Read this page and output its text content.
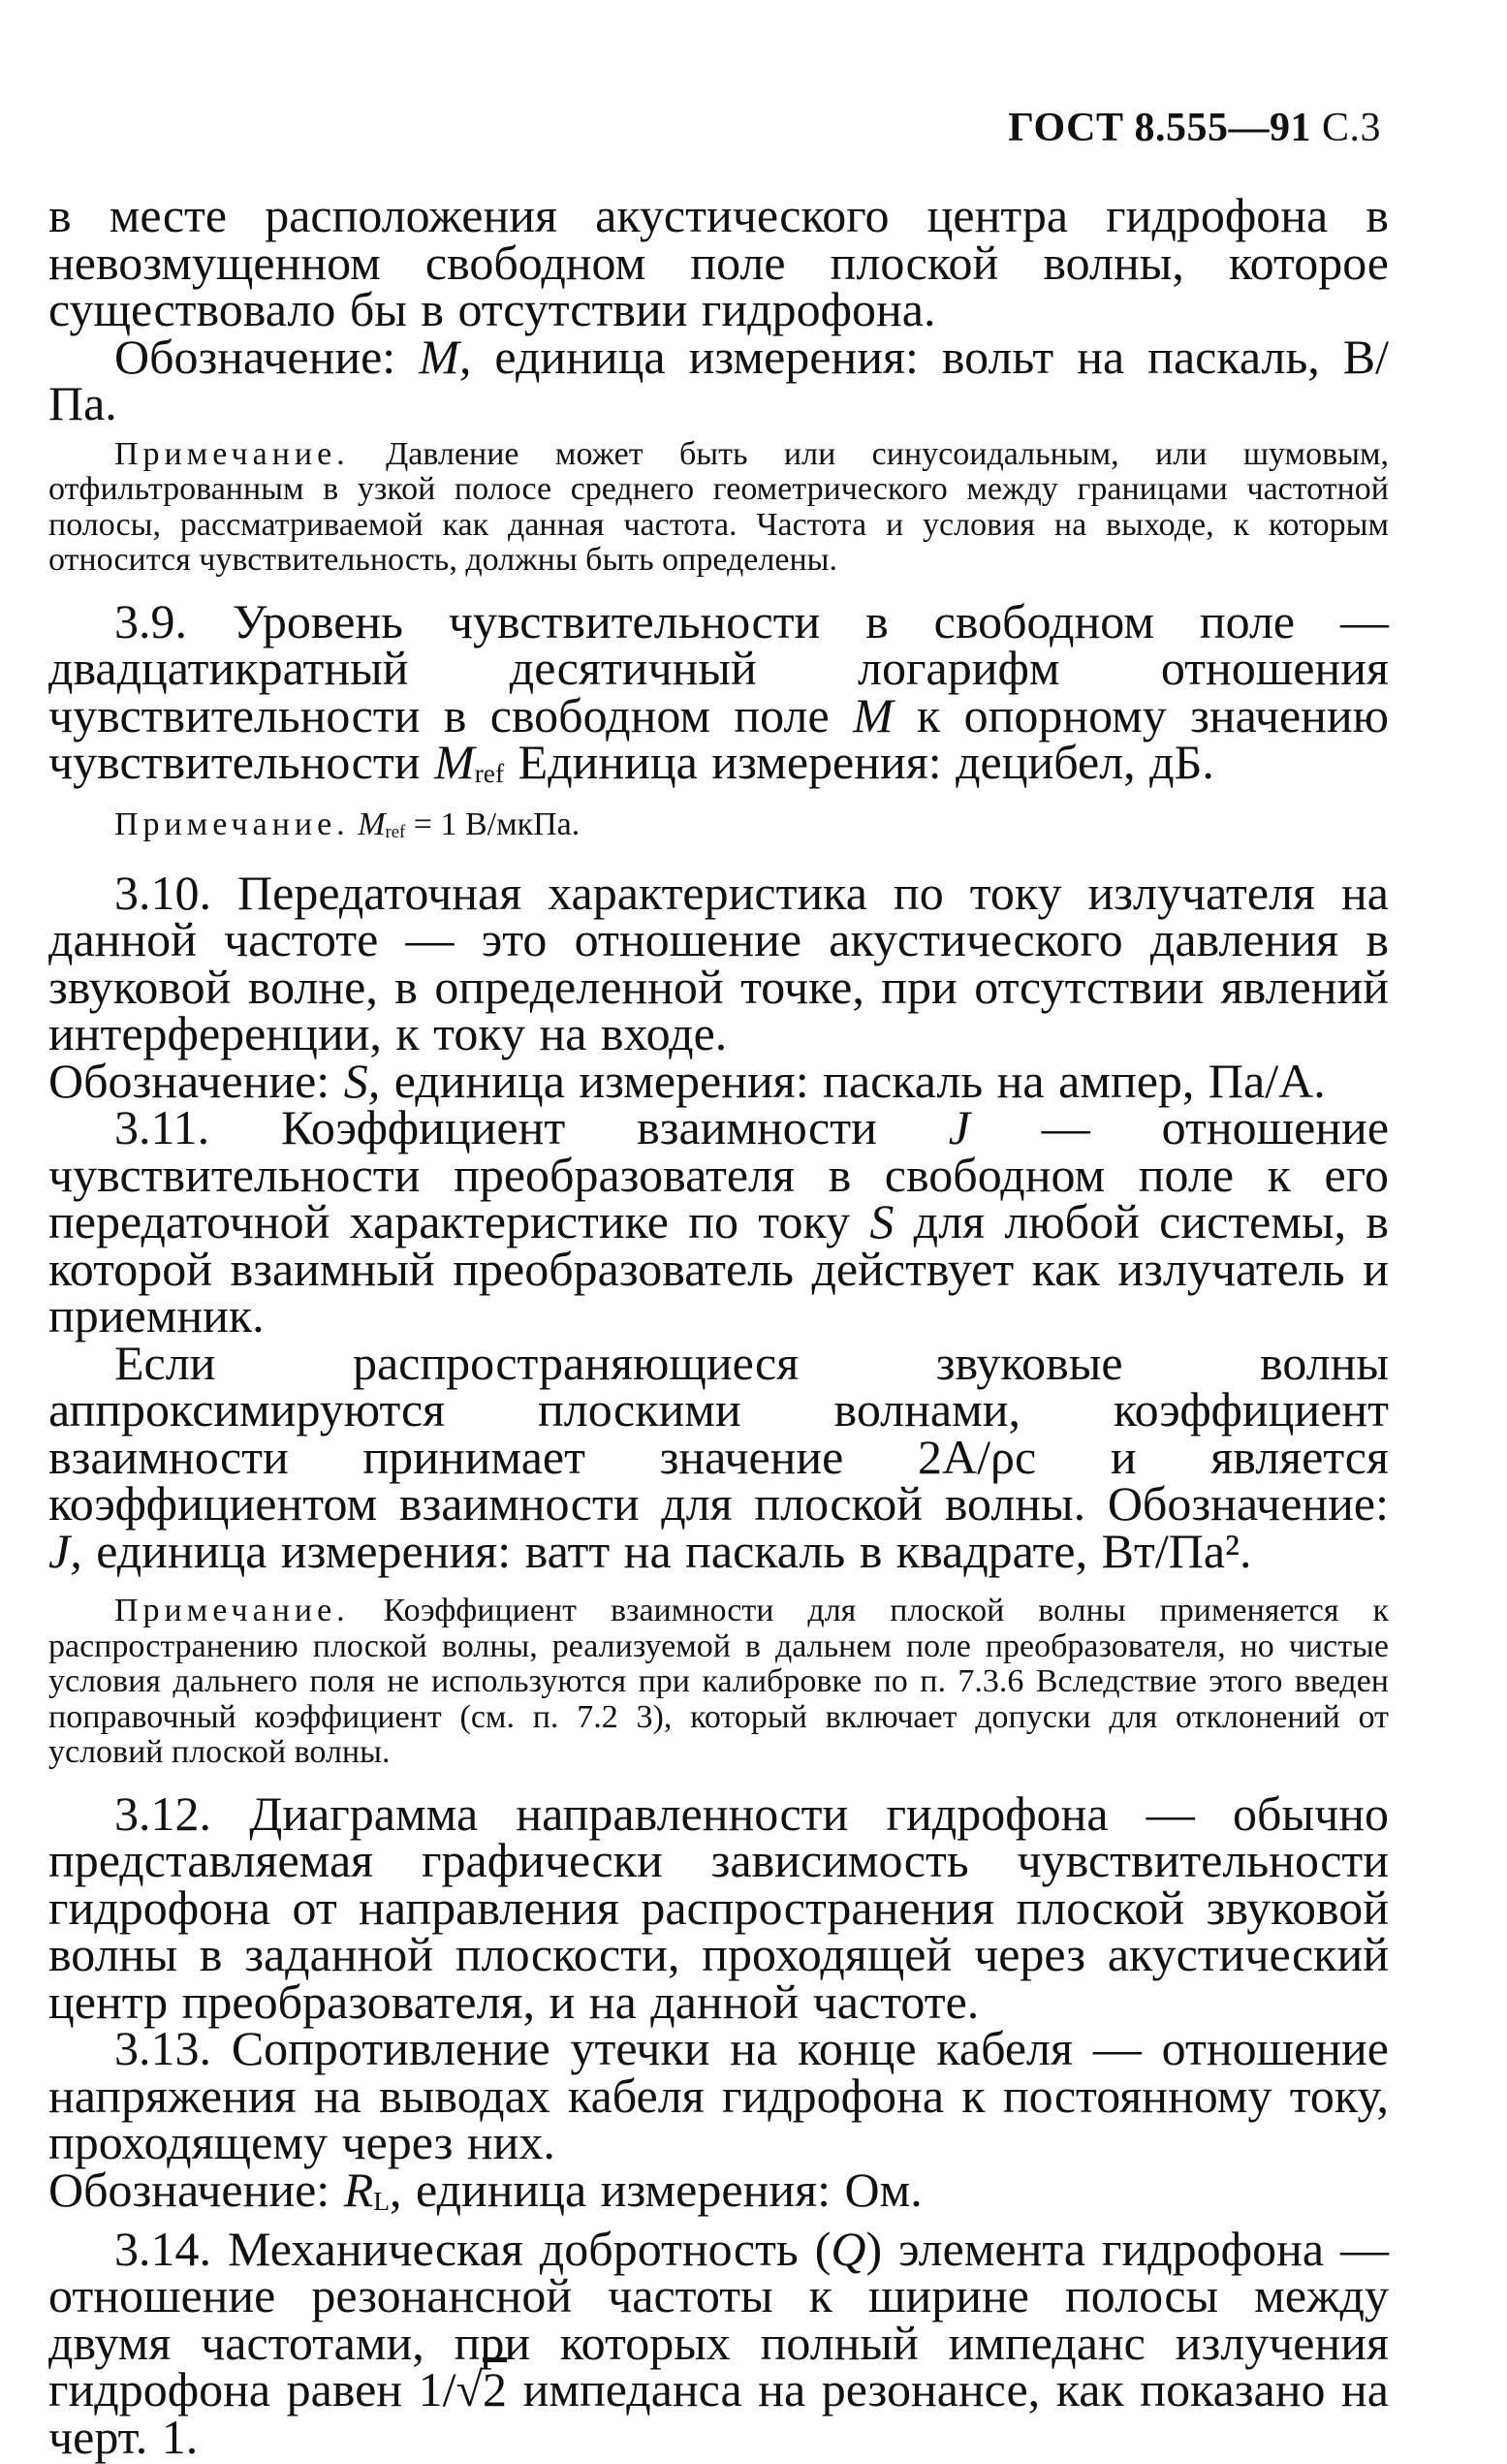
ГОСТ 8.555—91 С.3

в месте расположения акустического центра гидрофона в невозмущенном свободном поле плоской волны, которое существовало бы в отсутствии гидрофона.

Обозначение: М, единица измерения: вольт на паскаль, В/Па.

Примечание. Давление может быть или синусоидальным, или шумовым, отфильтрованным в узкой полосе среднего геометрического между границами частотной полосы, рассматриваемой как данная частота. Частота и условия на выходе, к которым относится чувствительность, должны быть определены.

3.9. Уровень чувствительности в свободном поле — двадцатикратный десятичный логарифм отношения чувствительности в свободном поле М к опорному значению чувствительности $М_{ref}$ Единица измерения: децибел, дБ.

Примечание. $М_{ref} = 1$ В/мкПа.

3.10. Передаточная характеристика по току излучателя на данной частоте — это отношение акустического давления в звуковой волне, в определенной точке, при отсутствии явлений интерференции, к току на входе.

Обозначение: S, единица измерения: паскаль на ампер, Па/А.

3.11. Коэффициент взаимности J — отношение чувствительности преобразователя в свободном поле к его передаточной характеристике по току S для любой системы, в которой взаимный преобразователь действует как излучатель и приемник.

Если распространяющиеся звуковые волны аппроксимируются плоскими волнами, коэффициент взаимности принимает значение 2A/ρc и является коэффициентом взаимности для плоской волны. Обозначение: J, единица измерения: ватт на паскаль в квадрате, Вт/Па².

Примечание. Коэффициент взаимности для плоской волны применяется к распространению плоской волны, реализуемой в дальнем поле преобразователя, но чистые условия дальнего поля не используются при калибровке по п. 7.3.6 Вследствие этого введен поправочный коэффициент (см. п. 7.2 3), который включает допуски для отклонений от условий плоской волны.

3.12. Диаграмма направленности гидрофона — обычно представляемая графически зависимость чувствительности гидрофона от направления распространения плоской звуковой волны в заданной плоскости, проходящей через акустический центр преобразователя, и на данной частоте.

3.13. Сопротивление утечки на конце кабеля — отношение напряжения на выводах кабеля гидрофона к постоянному току, проходящему через них.

Обозначение: $R_L$, единица измерения: Ом.

3.14. Механическая добротность (Q) элемента гидрофона — отношение резонансной частоты к ширине полосы между двумя частотами, при которых полный импеданс излучения гидрофона равен 1/√2 импеданса на резонансе, как показано на черт. 1.
